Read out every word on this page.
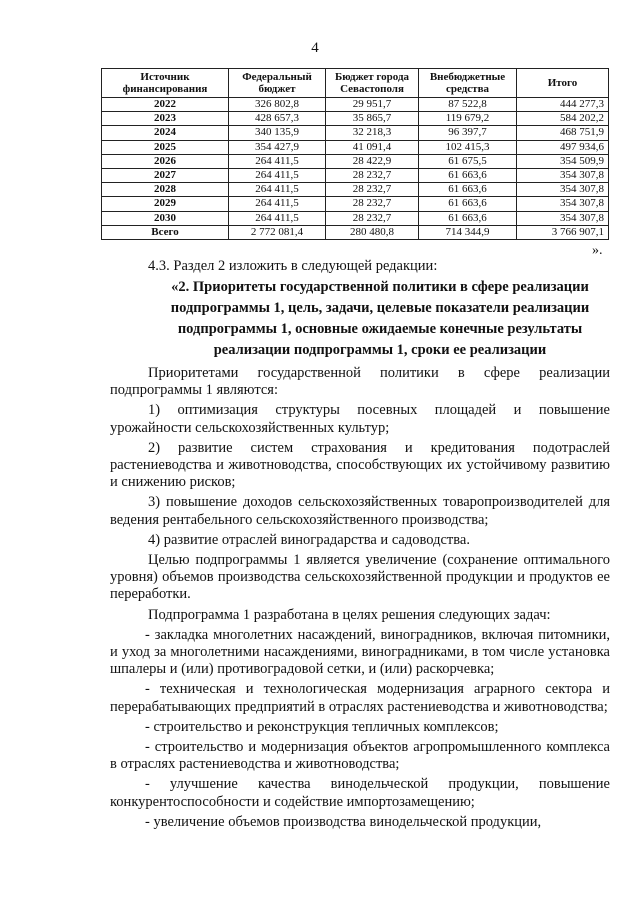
4
Источник финансирования	Федеральный бюджет	Бюджет города Севастополя	Внебюджетные средства	Итого
2022	326 802,8	29 951,7	87 522,8	444 277,3
2023	428 657,3	35 865,7	119 679,2	584 202,2
2024	340 135,9	32 218,3	96 397,7	468 751,9
2025	354 427,9	41 091,4	102 415,3	497 934,6
2026	264 411,5	28 422,9	61 675,5	354 509,9
2027	264 411,5	28 232,7	61 663,6	354 307,8
2028	264 411,5	28 232,7	61 663,6	354 307,8
2029	264 411,5	28 232,7	61 663,6	354 307,8
2030	264 411,5	28 232,7	61 663,6	354 307,8
Всего	2 772 081,4	280 480,8	714 344,9	3 766 907,1
».
4.3. Раздел 2 изложить в следующей редакции:
«2. Приоритеты государственной политики в сфере реализации подпрограммы 1, цель, задачи, целевые показатели реализации подпрограммы 1, основные ожидаемые конечные результаты реализации подпрограммы 1, сроки ее реализации

Приоритетами государственной политики в сфере реализации подпрограммы 1 являются:

1) оптимизация структуры посевных площадей и повышение урожайности сельскохозяйственных культур;

2) развитие систем страхования и кредитования подотраслей растениеводства и животноводства, способствующих их устойчивому развитию и снижению рисков;

3) повышение доходов сельскохозяйственных товаропроизводителей для ведения рентабельного сельскохозяйственного производства;

4) развитие отраслей виноградарства и садоводства.

Целью подпрограммы 1 является увеличение (сохранение оптимального уровня) объемов производства сельскохозяйственной продукции и продуктов ее переработки.

Подпрограмма 1 разработана в целях решения следующих задач:

- закладка многолетних насаждений, виноградников, включая питомники, и уход за многолетними насаждениями, виноградниками, в том числе установка шпалеры и (или) противоградовой сетки, и (или) раскорчевка;

- техническая и технологическая модернизация аграрного сектора и перерабатывающих предприятий в отраслях растениеводства и животноводства;

- строительство и реконструкция тепличных комплексов;

- строительство и модернизация объектов агропромышленного комплекса в отраслях растениеводства и животноводства;

- улучшение качества винодельческой продукции, повышение конкурентоспособности и содействие импортозамещению;

- увеличение объемов производства винодельческой продукции,
